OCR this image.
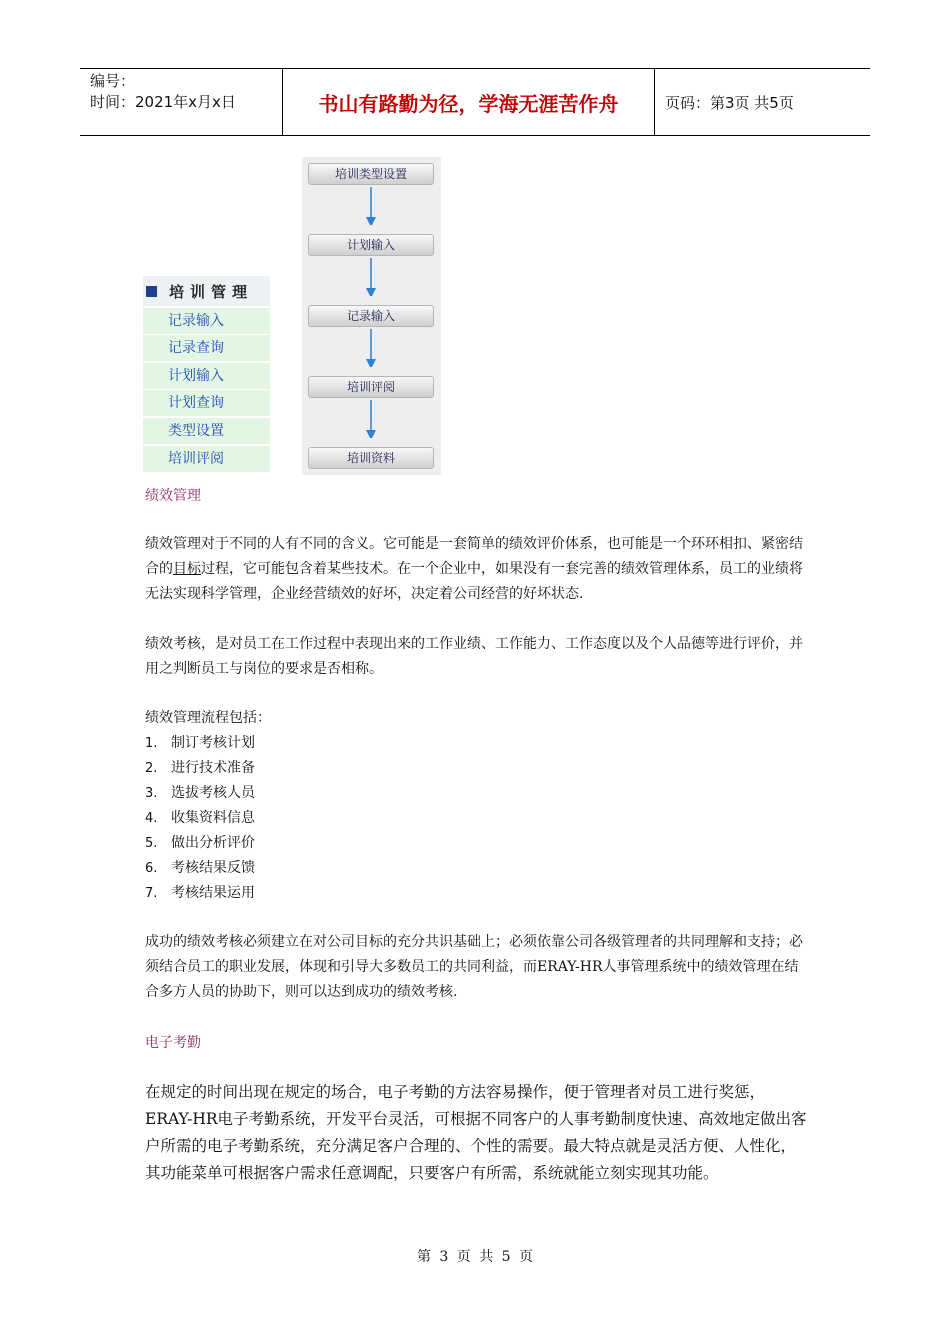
编号：
时间：2021年x月x日	书山有路勤为径，学海无涯苦作舟	页码：第3页 共5页
培训管理
记录输入
记录查询
计划输入
计划查询
类型设置
培训评阅
培训类型设置
计划输入
记录输入
培训评阅
培训资料
绩效管理

绩效管理对于不同的人有不同的含义。它可能是一套简单的绩效评价体系，也可能是一个环环相扣、紧密结合的目标过程，它可能包含着某些技术。在一个企业中，如果没有一套完善的绩效管理体系，员工的业绩将无法实现科学管理，企业经营绩效的好坏，决定着公司经营的好坏状态.

绩效考核，是对员工在工作过程中表现出来的工作业绩、工作能力、工作态度以及个人品德等进行评价，并用之判断员工与岗位的要求是否相称。

绩效管理流程包括：

1. 制订考核计划
2. 进行技术准备
3. 选拔考核人员
4. 收集资料信息
5. 做出分析评价
6. 考核结果反馈
7. 考核结果运用

成功的绩效考核必须建立在对公司目标的充分共识基础上；必须依靠公司各级管理者的共同理解和支持；必须结合员工的职业发展，体现和引导大多数员工的共同利益，而ERAY-HR人事管理系统中的绩效管理在结合多方人员的协助下，则可以达到成功的绩效考核.

电子考勤

在规定的时间出现在规定的场合，电子考勤的方法容易操作，便于管理者对员工进行奖惩，ERAY-HR电子考勤系统，开发平台灵活，可根据不同客户的人事考勤制度快速、高效地定做出客户所需的电子考勤系统，充分满足客户合理的、个性的需要。最大特点就是灵活方便、人性化，其功能菜单可根据客户需求任意调配，只要客户有所需，系统就能立刻实现其功能。

第 3 页 共 5 页
